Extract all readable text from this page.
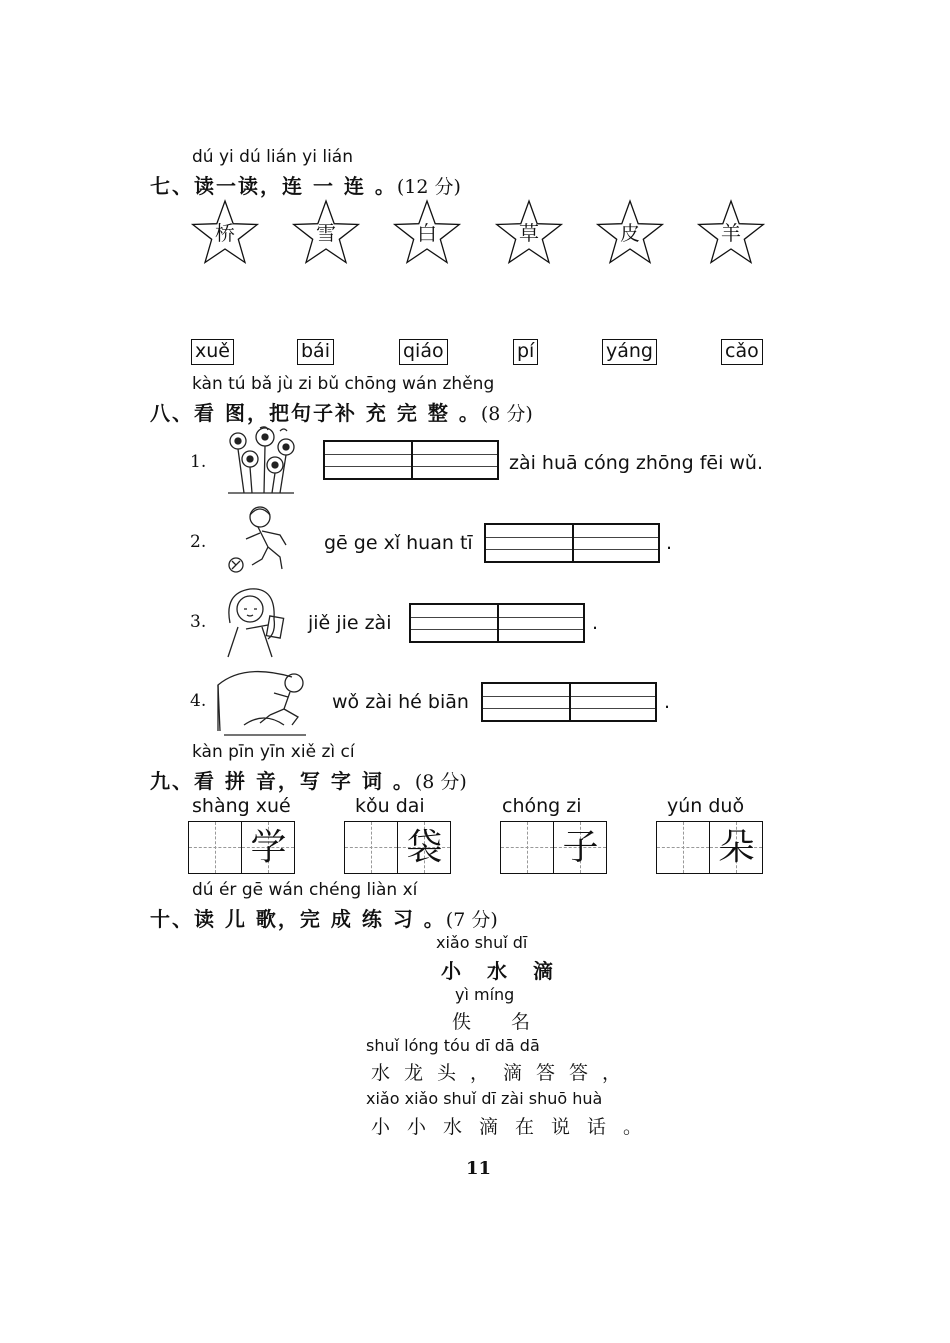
dú yi dú lián yi lián
七、读一读，连 一 连 。(12 分)
桥	雪	白	草	皮	羊
xuě	bái	qiáo	pí	yáng	cǎo
kàn tú bǎ jù zi bǔ chōng wán zhěng
八、看 图，把句子补 充 完 整 。(8 分)
1.	zài huā cóng zhōng fēi wǔ.
2.	gē ge xǐ huan tī	.
3.	jiě jie zài	.
4.	wǒ zài hé biān	.
kàn pīn yīn xiě zì cí
九、看 拼 音，写 字 词 。(8 分)
shàng xué	kǒu dai	chóng zi	yún duǒ
学	袋	子	朵
dú ér gē wán chéng liàn xí
十、读 儿 歌，完 成 练 习 。(7 分)
xiǎo shuǐ dī
小水滴
yì míng
佚名
shuǐ lóng tóu dī dā dā
水龙头，滴答答，
xiǎo xiǎo shuǐ dī zài shuō huà
小小水滴在说话。
11
